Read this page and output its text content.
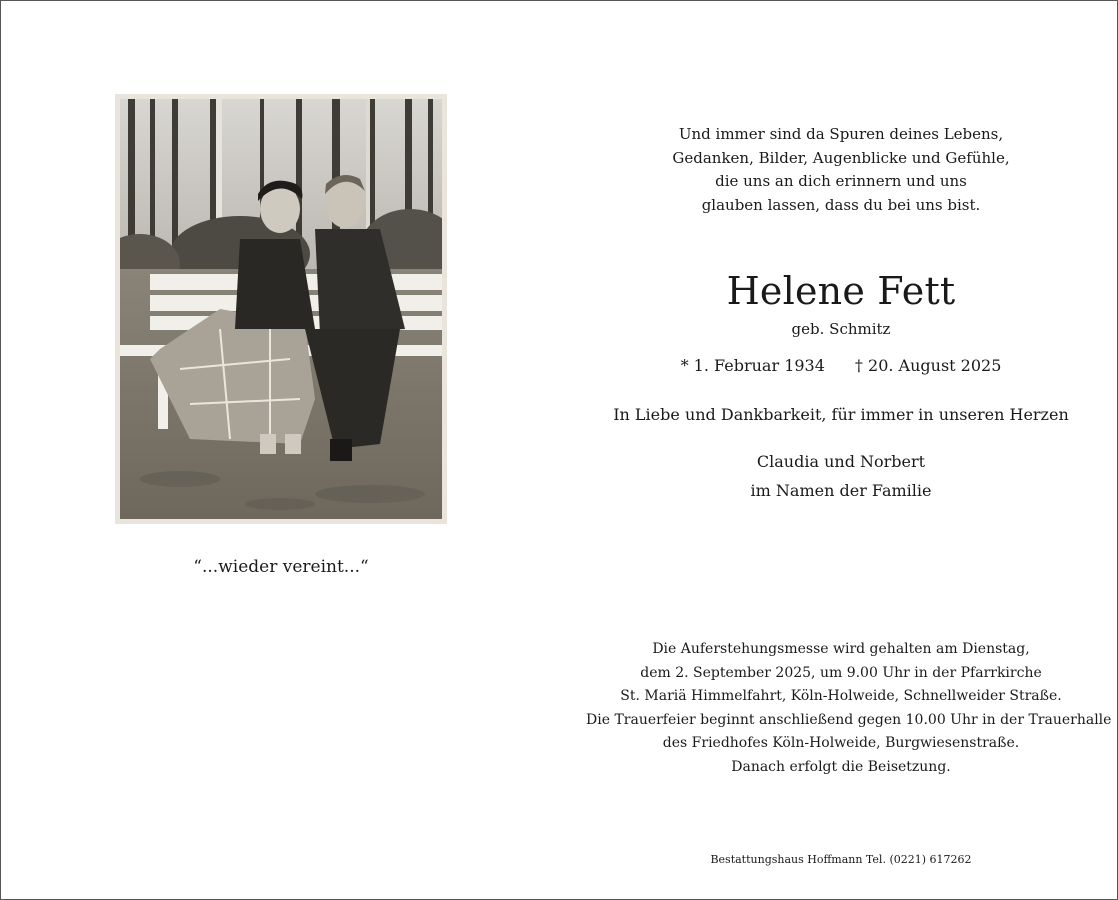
“...wieder vereint...“
Und immer sind da Spuren deines Lebens,
Gedanken, Bilder, Augenblicke und Gefühle,
die uns an dich erinnern und uns
glauben lassen, dass du bei uns bist.
Helene Fett
geb. Schmitz
* 1. Februar 1934 † 20. August 2025
In Liebe und Dankbarkeit, für immer in unseren Herzen
Claudia und Norbert
im Namen der Familie
Die Auferstehungsmesse wird gehalten am Dienstag,
dem 2. September 2025, um 9.00 Uhr in der Pfarrkirche
St. Mariä Himmelfahrt, Köln-Holweide, Schnellweider Straße.
Die Trauerfeier beginnt anschließend gegen 10.00 Uhr in der Trauerhalle
des Friedhofes Köln-Holweide, Burgwiesenstraße.
Danach erfolgt die Beisetzung.
Bestattungshaus Hoffmann Tel. (0221) 617262
